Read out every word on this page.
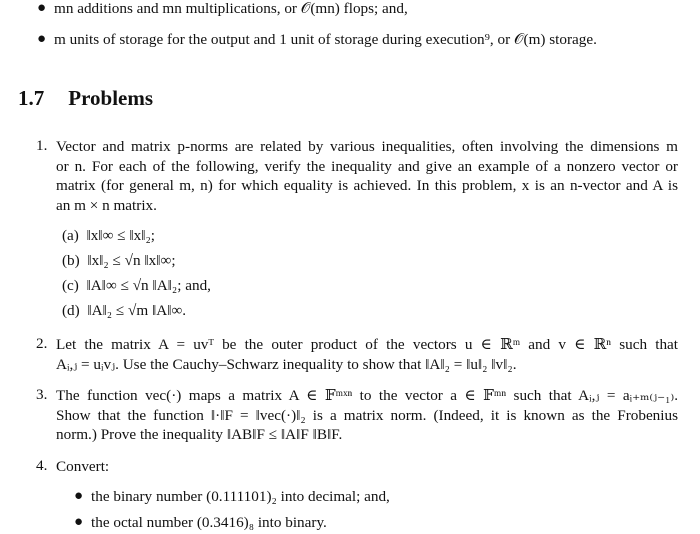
● mn additions and mn multiplications, or 𝒪(mn) flops; and,
● m units of storage for the output and 1 unit of storage during execution⁹, or 𝒪(m) storage.
1.7 Problems
1. Vector and matrix p-norms are related by various inequalities, often involving the dimensions m
or n. For each of the following, verify the inequality and give an example of a nonzero vector or
matrix (for general m, n) for which equality is achieved. In this problem, x is an n-vector and A is
an m × n matrix.
(a) ‖x‖∞ ≤ ‖x‖₂;
(b) ‖x‖₂ ≤ √n ‖x‖∞;
(c) ‖A‖∞ ≤ √n ‖A‖₂; and,
(d) ‖A‖₂ ≤ √m ‖A‖∞.
2. Let the matrix A = uvᵀ be the outer product of the vectors u ∈ ℝᵐ and v ∈ ℝⁿ such that
Aᵢ,ⱼ = uᵢvⱼ. Use the Cauchy–Schwarz inequality to show that ‖A‖₂ = ‖u‖₂ ‖v‖₂.
3. The function vec(·) maps a matrix A ∈ 𝔽ᵐˣⁿ to the vector a ∈ 𝔽ᵐⁿ such that Aᵢ,ⱼ = aᵢ₊ₘ₍ⱼ₋₁₎.
Show that the function ‖·‖F = ‖vec(·)‖₂ is a matrix norm. (Indeed, it is known as the Frobenius
norm.) Prove the inequality ‖AB‖F ≤ ‖A‖F ‖B‖F.
4. Convert:
● the binary number (0.111101)₂ into decimal; and,
● the octal number (0.3416)₈ into binary.
